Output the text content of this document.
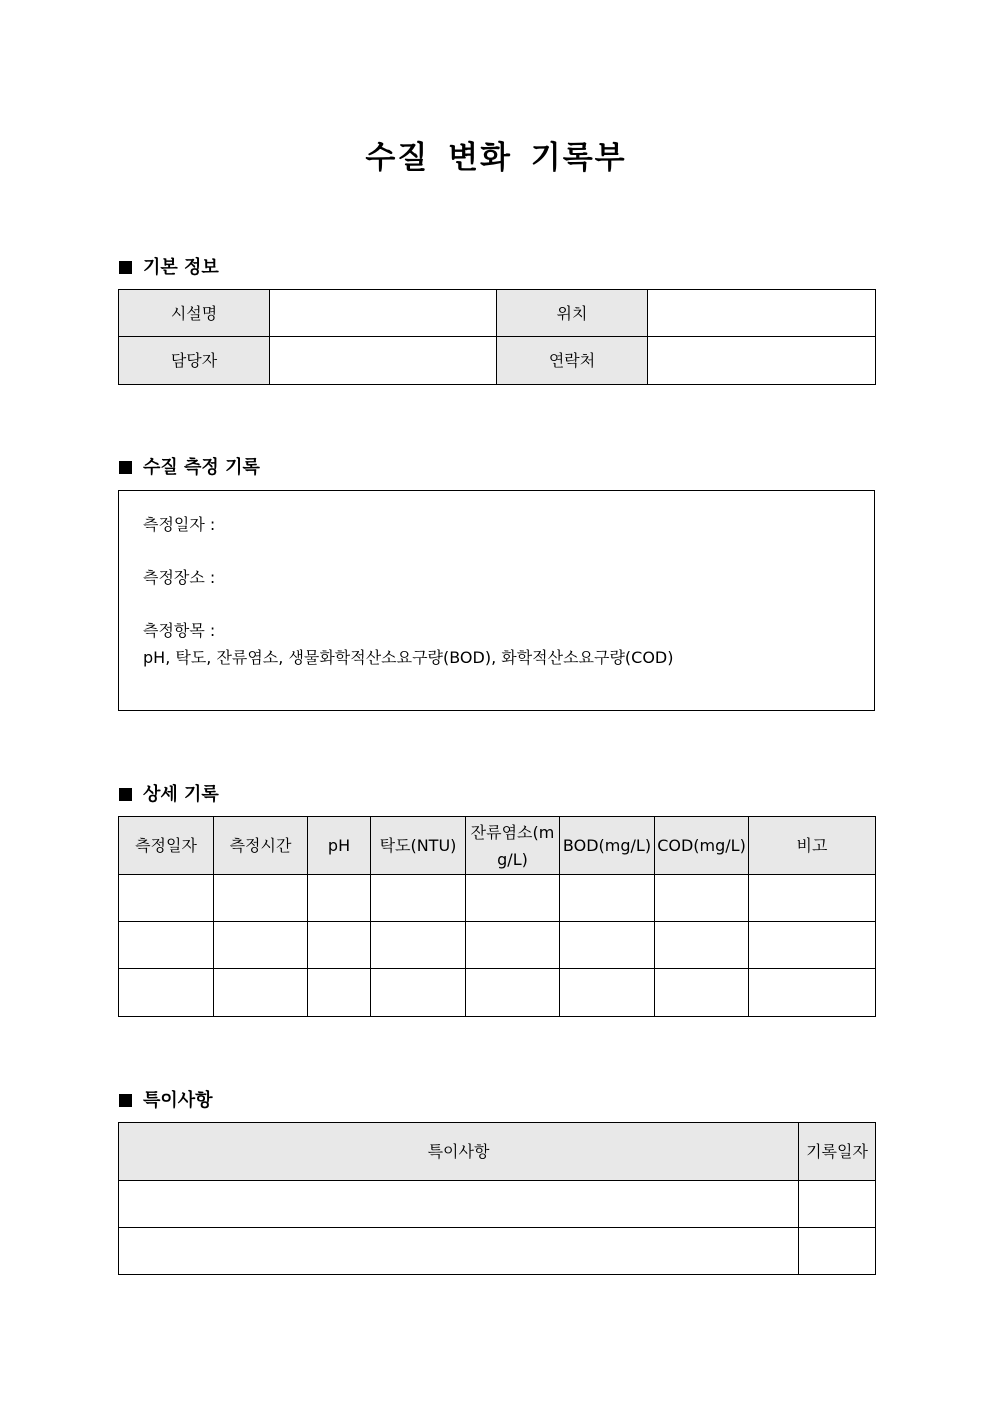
수질 변화 기록부
기본 정보
시설명		위치	
담당자		연락처	
수질 측정 기록
측정일자 :
측정장소 :
측정항목 :
pH, 탁도, 잔류염소, 생물화학적산소요구량(BOD), 화학적산소요구량(COD)
상세 기록
측정일자	측정시간	pH	탁도(NTU)	잔류염소(mg/L)	BOD(mg/L)	COD(mg/L)	비고

특이사항
특이사항	기록일자
